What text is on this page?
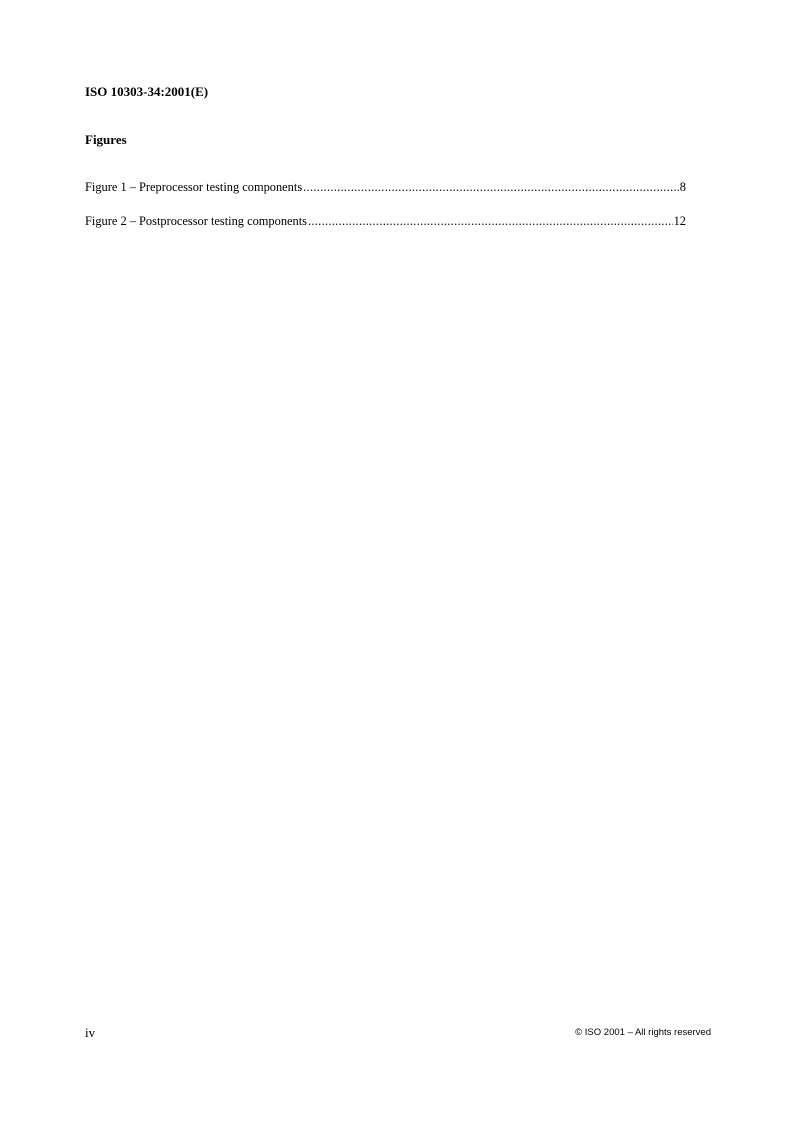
ISO 10303-34:2001(E)
Figures
Figure 1 – Preprocessor testing components .....	8
Figure 2 – Postprocessor testing components .....	12
iv	© ISO 2001 – All rights reserved
